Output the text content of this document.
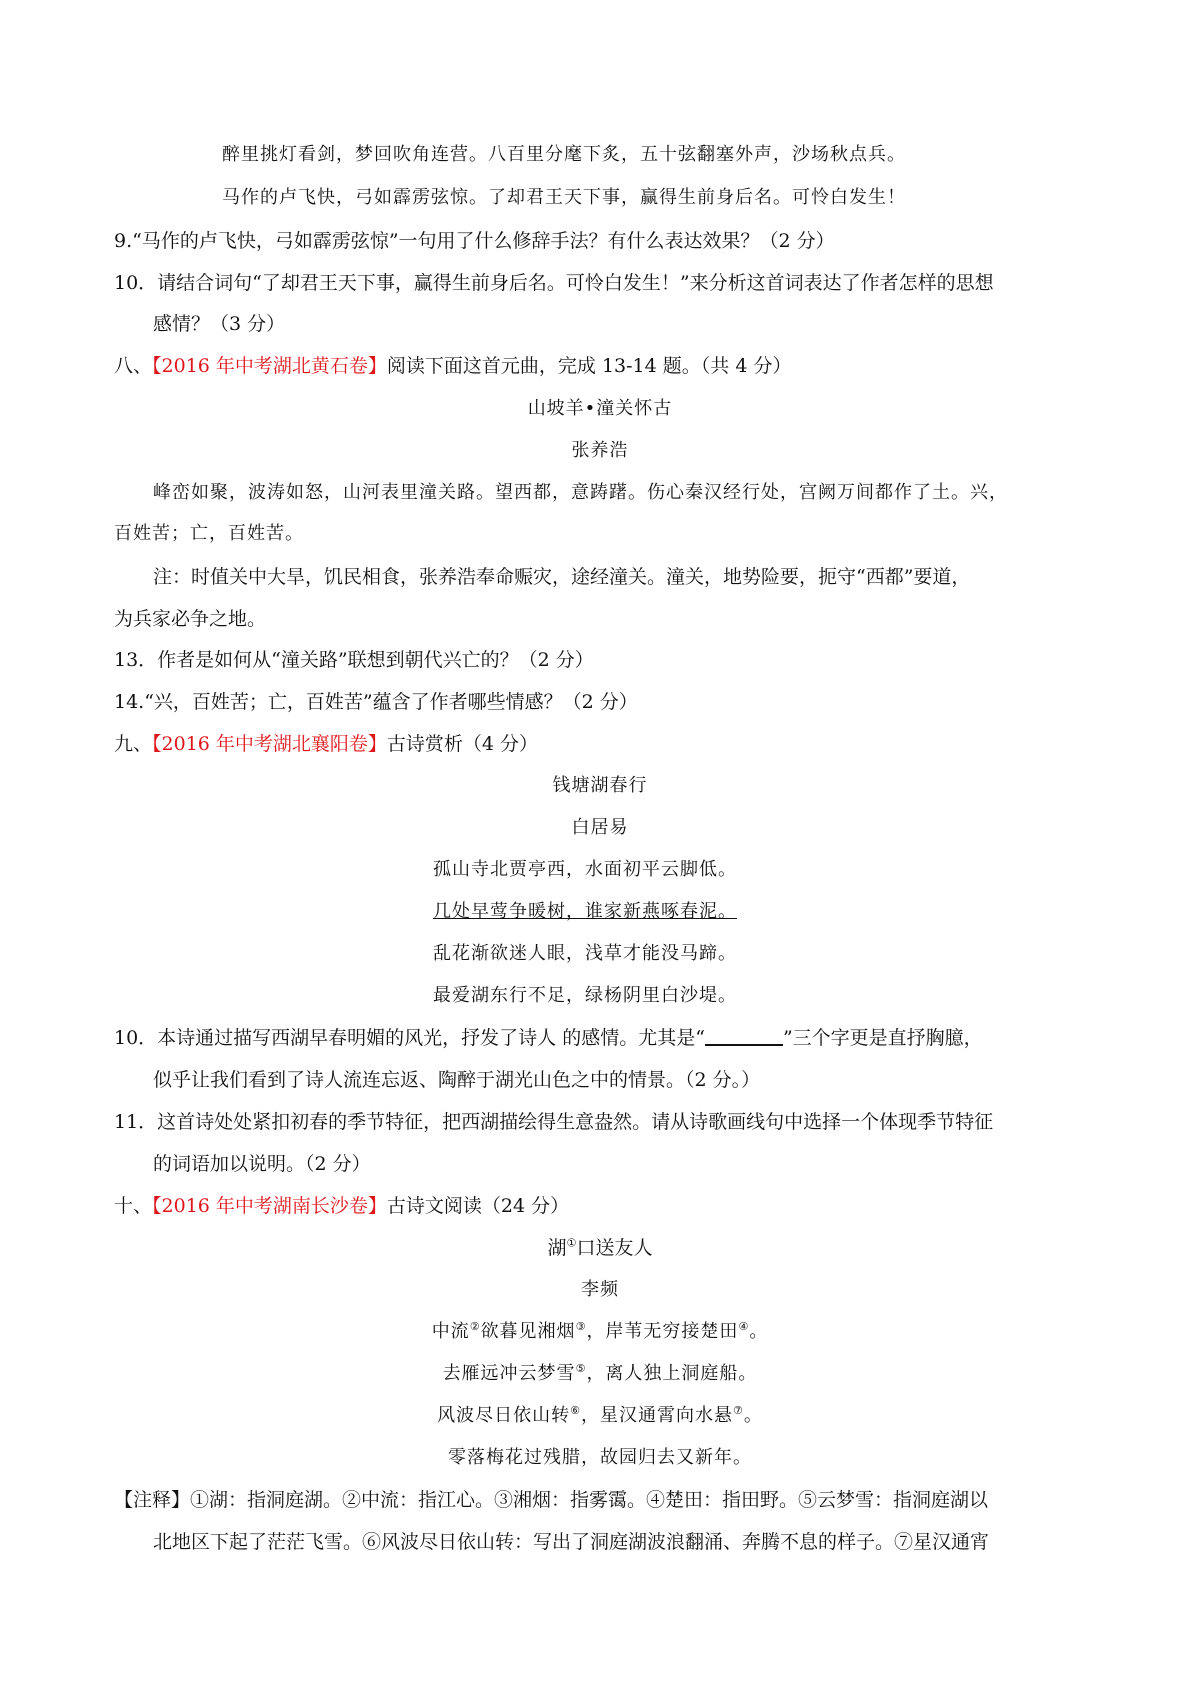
醉里挑灯看剑，梦回吹角连营。八百里分麾下炙，五十弦翻塞外声，沙场秋点兵。
马作的卢飞快，弓如霹雳弦惊。了却君王天下事，赢得生前身后名。可怜白发生！
9.“马作的卢飞快，弓如霹雳弦惊”一句用了什么修辞手法？有什么表达效果？（2 分）
10．请结合词句“了却君王天下事，赢得生前身后名。可怜白发生！”来分析这首词表达了作者怎样的思想
感情？（3 分）
八、【2016 年中考湖北黄石卷】阅读下面这首元曲，完成 13-14 题。（共 4 分）
山坡羊•潼关怀古
张养浩
峰峦如聚，波涛如怒，山河表里潼关路。望西都，意踌躇。伤心秦汉经行处，宫阙万间都作了土。兴，
百姓苦；亡，百姓苦。
注：时值关中大旱，饥民相食，张养浩奉命赈灾，途经潼关。潼关，地势险要，扼守“西都”要道，
为兵家必争之地。
13．作者是如何从“潼关路”联想到朝代兴亡的？（2 分）
14.“兴，百姓苦；亡，百姓苦”蕴含了作者哪些情感？（2 分）
九、【2016 年中考湖北襄阳卷】古诗赏析（4 分）
钱塘湖春行
白居易
孤山寺北贾亭西，水面初平云脚低。
几处早莺争暖树，谁家新燕啄春泥。
乱花渐欲迷人眼，浅草才能没马蹄。
最爱湖东行不足，绿杨阴里白沙堤。
10．本诗通过描写西湖早春明媚的风光，抒发了诗人 的感情。尤其是“	”三个字更是直抒胸臆，
似乎让我们看到了诗人流连忘返、陶醉于湖光山色之中的情景。（2 分。）
11．这首诗处处紧扣初春的季节特征，把西湖描绘得生意盎然。请从诗歌画线句中选择一个体现季节特征
的词语加以说明。（2 分）
十、【2016 年中考湖南长沙卷】古诗文阅读（24 分）
湖①口送友人
李频
中流②欲暮见湘烟③，岸苇无穷接楚田④。
去雁远冲云梦雪⑤，离人独上洞庭船。
风波尽日依山转⑥，星汉通霄向水悬⑦。
零落梅花过残腊，故园归去又新年。
【注释】①湖：指洞庭湖。②中流：指江心。③湘烟：指雾霭。④楚田：指田野。⑤云梦雪：指洞庭湖以
北地区下起了茫茫飞雪。⑥风波尽日依山转：写出了洞庭湖波浪翻涌、奔腾不息的样子。⑦星汉通宵
